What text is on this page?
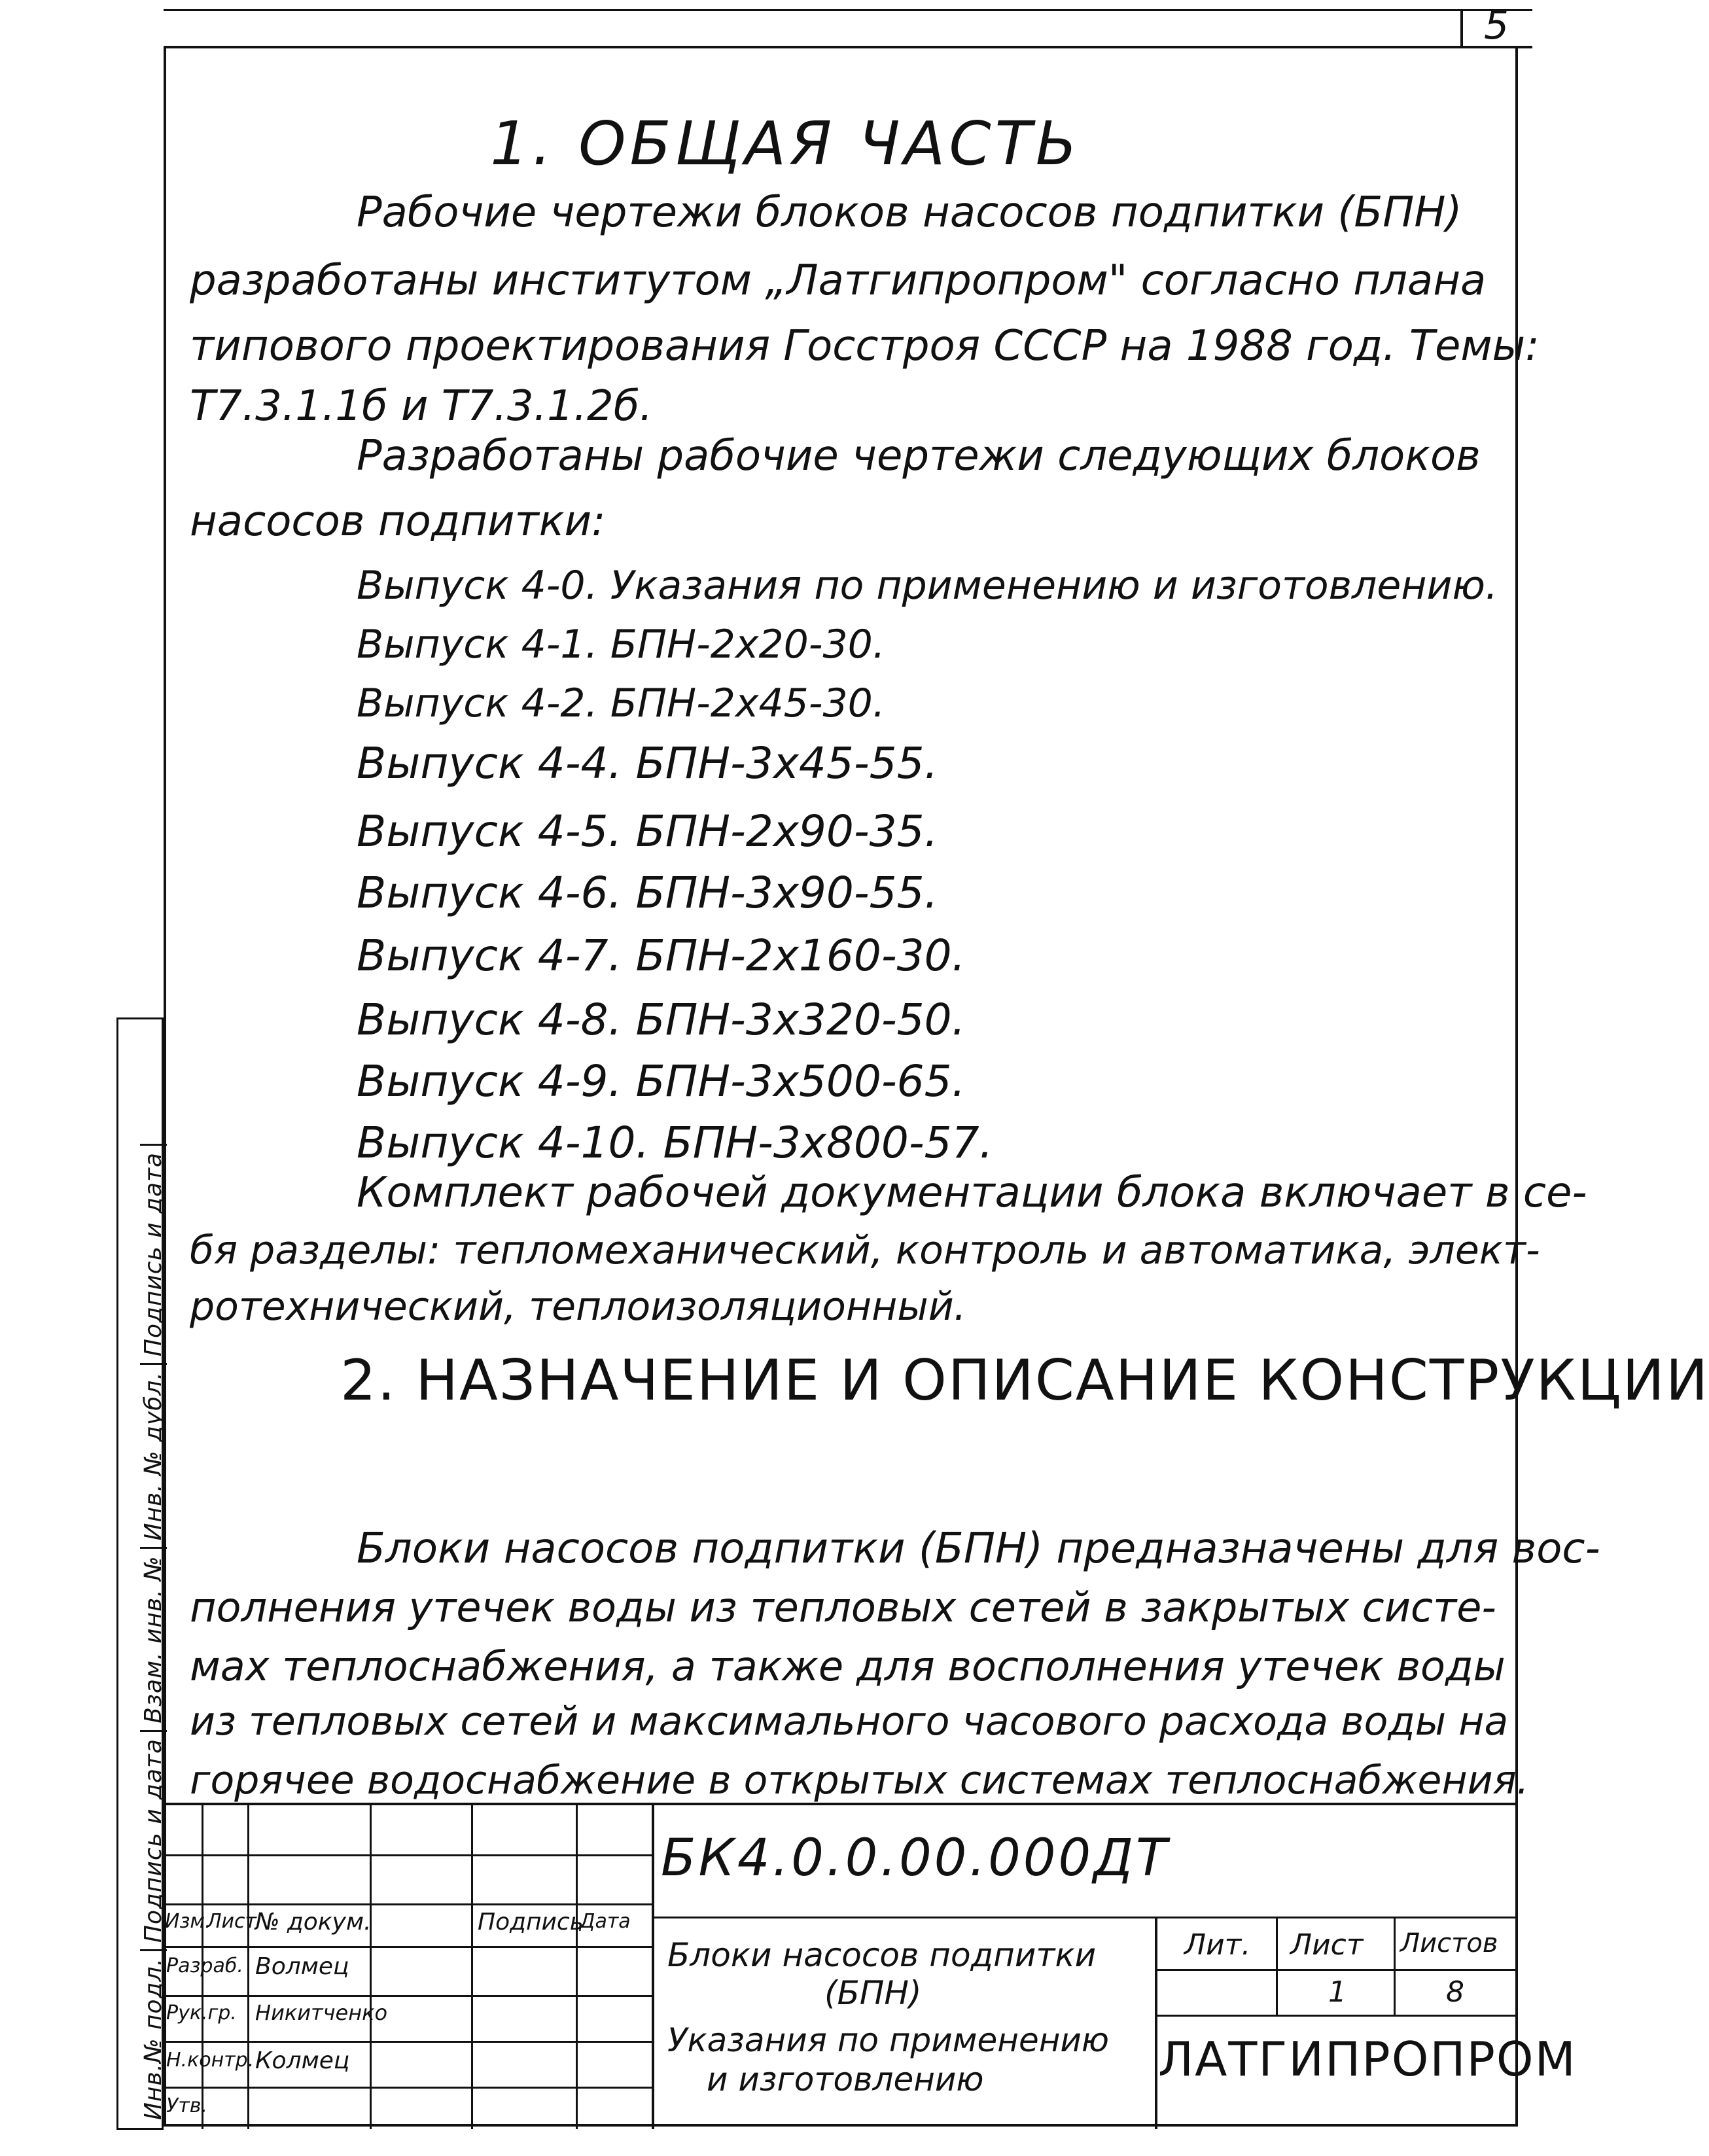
5
Инв.№ подл.Подпись и датаВзам. инв. №Инв. № дубл.Подпись и дата
1. ОБЩАЯ ЧАСТЬ
Рабочие чертежи блоков насосов подпитки (БПН)
разработаны институтом „Латгипропром" согласно плана
типового проектирования Госстроя СССР на 1988 год. Темы:
Т7.3.1.1б и Т7.3.1.2б.
Разработаны рабочие чертежи следующих блоков
насосов подпитки:
Выпуск 4-0. Указания по применению и изготовлению.
Выпуск 4-1. БПН-2х20-30.
Выпуск 4-2. БПН-2х45-30.
Выпуск 4-4. БПН-3х45-55.
Выпуск 4-5. БПН-2х90-35.
Выпуск 4-6. БПН-3х90-55.
Выпуск 4-7. БПН-2х160-30.
Выпуск 4-8. БПН-3х320-50.
Выпуск 4-9. БПН-3х500-65.
Выпуск 4-10. БПН-3х800-57.
Комплект рабочей документации блока включает в се-
бя разделы: тепломеханический, контроль и автоматика, элект-
ротехнический, теплоизоляционный.
2. НАЗНАЧЕНИЕ И ОПИСАНИЕ КОНСТРУКЦИИ
Блоки насосов подпитки (БПН) предназначены для вос-
полнения утечек воды из тепловых сетей в закрытых систе-
мах теплоснабжения, а также для восполнения утечек воды
из тепловых сетей и максимального часового расхода воды на
горячее водоснабжение в открытых системах теплоснабжения.
Изм.
Лист
№ докум.	Подпись
Дата
Разраб. Волмец
Рук.гр. Никитченко
Н.контр. Колмец
Утв.
Блоки насосов подпитки
(БПН)
Указания по применению
и изготовлению
Лит. Лист Листов
1	8
БК4.0.0.00.000ДТ
ЛАТГИПРОПРОМ
